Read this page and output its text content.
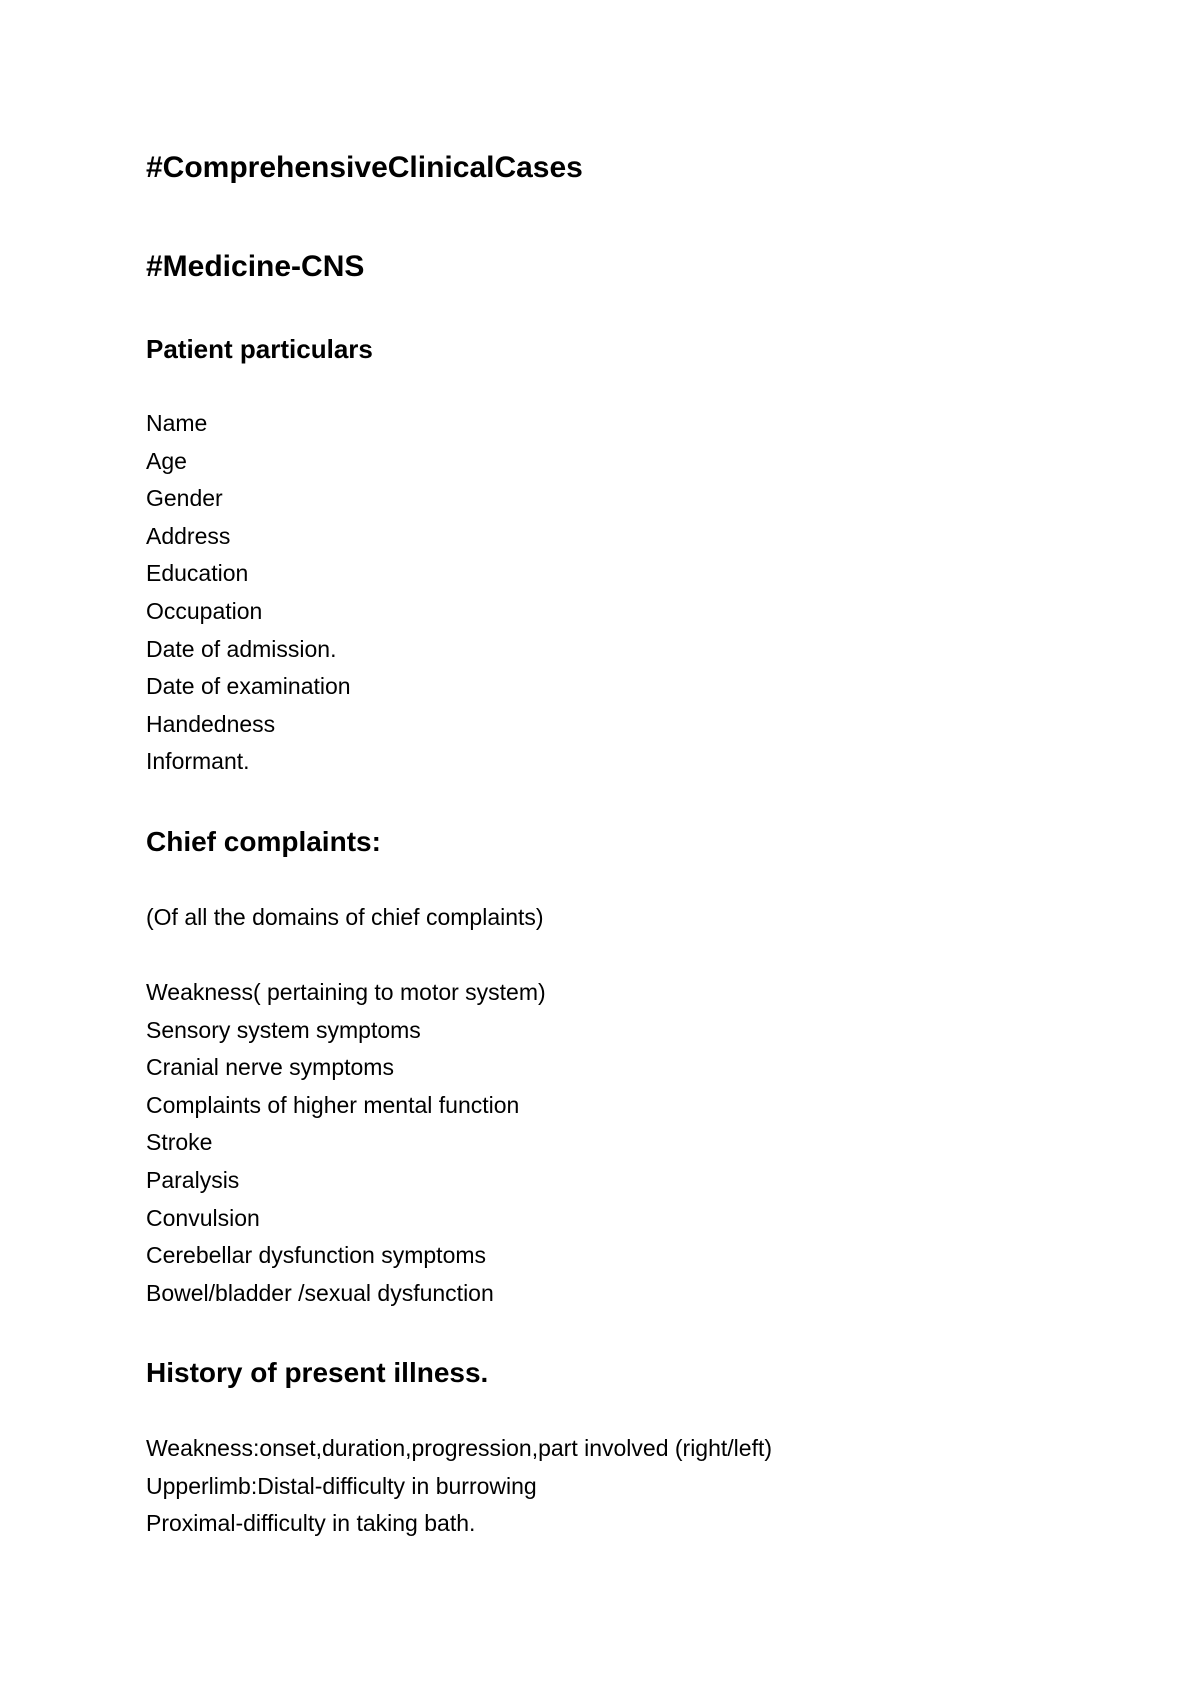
#ComprehensiveClinicalCases
#Medicine-CNS
Patient particulars
Name
Age
Gender
Address
Education
Occupation
Date of admission.
Date of examination
Handedness
Informant.
Chief complaints:
(Of all the domains of chief complaints)
Weakness( pertaining to motor system)
Sensory system symptoms
Cranial nerve symptoms
Complaints of higher mental function
Stroke
Paralysis
Convulsion
Cerebellar dysfunction symptoms
Bowel/bladder /sexual dysfunction
History of present illness.
Weakness:onset,duration,progression,part involved (right/left)
Upperlimb:Distal-difficulty in burrowing
Proximal-difficulty in taking bath.
